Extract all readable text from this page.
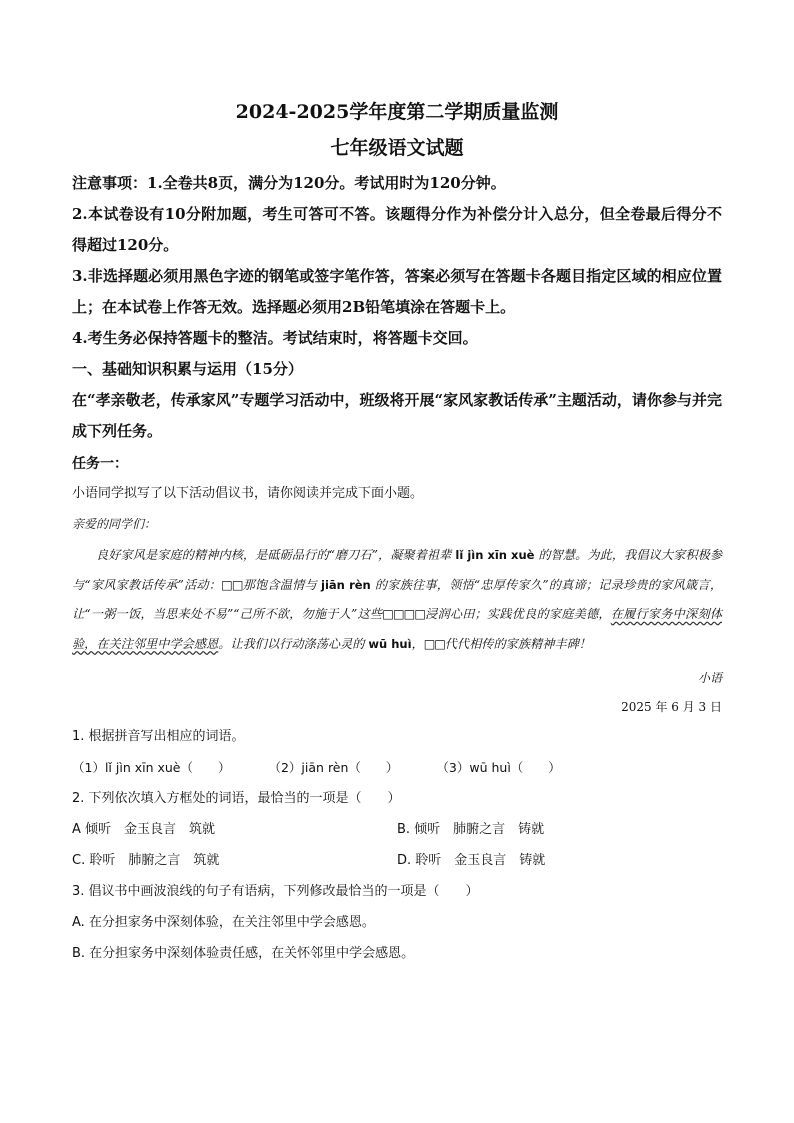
2024-2025学年度第二学期质量监测
七年级语文试题
注意事项：1.全卷共8页，满分为120分。考试用时为120分钟。
2.本试卷设有10分附加题，考生可答可不答。该题得分作为补偿分计入总分，但全卷最后得分不得超过120分。
3.非选择题必须用黑色字迹的钢笔或签字笔作答，答案必须写在答题卡各题目指定区域的相应位置上；在本试卷上作答无效。选择题必须用2B铅笔填涂在答题卡上。
4.考生务必保持答题卡的整洁。考试结束时，将答题卡交回。
一、基础知识积累与运用（15分）
在“孝亲敬老，传承家风”专题学习活动中，班级将开展“家风家教话传承”主题活动，请你参与并完成下列任务。
任务一：
小语同学拟写了以下活动倡议书，请你阅读并完成下面小题。
亲爱的同学们：
良好家风是家庭的精神内核，是砥砺品行的“磨刀石”，凝聚着祖辈 lǐ jìn xīn xuè 的智慧。为此，我倡议大家积极参与“家风家教话传承”活动：□□那饱含温情与 jiān rèn 的家族往事，领悟“忠厚传家久”的真谛；记录珍贵的家风箴言，让“一粥一饭，当思来处不易”“己所不欲，勿施于人”这些□□□□浸润心田；实践优良的家庭美德，在履行家务中深刻体验，在关注邻里中学会感恩。让我们以行动涤荡心灵的 wū huì，□□代代相传的家族精神丰碑！
小语
2025 年 6 月 3 日
1. 根据拼音写出相应的词语。
（1）lǐ jìn xīn xuè（　　）	（2）jiān rèn（　　）	（3）wū huì（　　）
2. 下列依次填入方框处的词语，最恰当的一项是（　　）
A 倾听　金玉良言　筑就	B. 倾听　肺腑之言　铸就
C. 聆听　肺腑之言　筑就	D. 聆听　金玉良言　铸就
3. 倡议书中画波浪线的句子有语病，下列修改最恰当的一项是（　　）
A. 在分担家务中深刻体验，在关注邻里中学会感恩。
B. 在分担家务中深刻体验责任感，在关怀邻里中学会感恩。
